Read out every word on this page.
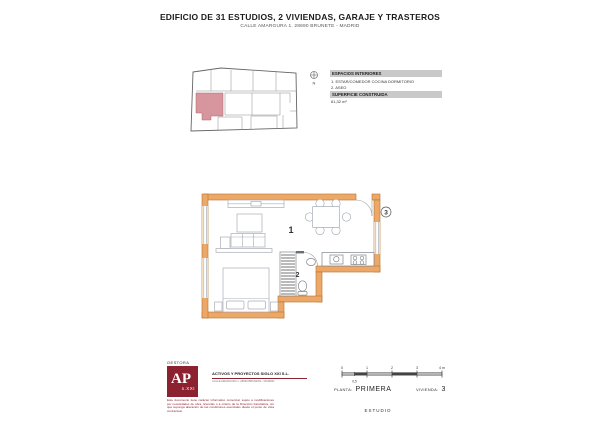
EDIFICIO DE 31 ESTUDIOS, 2 VIVIENDAS, GARAJE Y TRASTEROS
CALLE AMARGURA 1. 28690 BRUNETE - MADRID
N
ESPACIOS INTERIORES
1. ESTAR/COMEDOR COCINA DORMITORIO
2. ASEO
SUPERFICIE CONSTRUIDA
61,32 m²
3
2
1
0	1	2	3	4 m
0,5
PLANTA: PRIMERA	VIVIENDA: 3
ESTUDIO
GESTORA
AP
s.XXI
ACTIVOS Y PROYECTOS SIGLO XXI S.L.
CALLE AMARGURA 1. 28690 BRUNETE - MADRID
Este documento tiene carácter informativo comercial, sujeto a modificaciones por necesidades de obra, licencias o a criterio de la Dirección Facultativa, sin que suponga alteración de las condiciones esenciales desde el punto de vista contractual.
